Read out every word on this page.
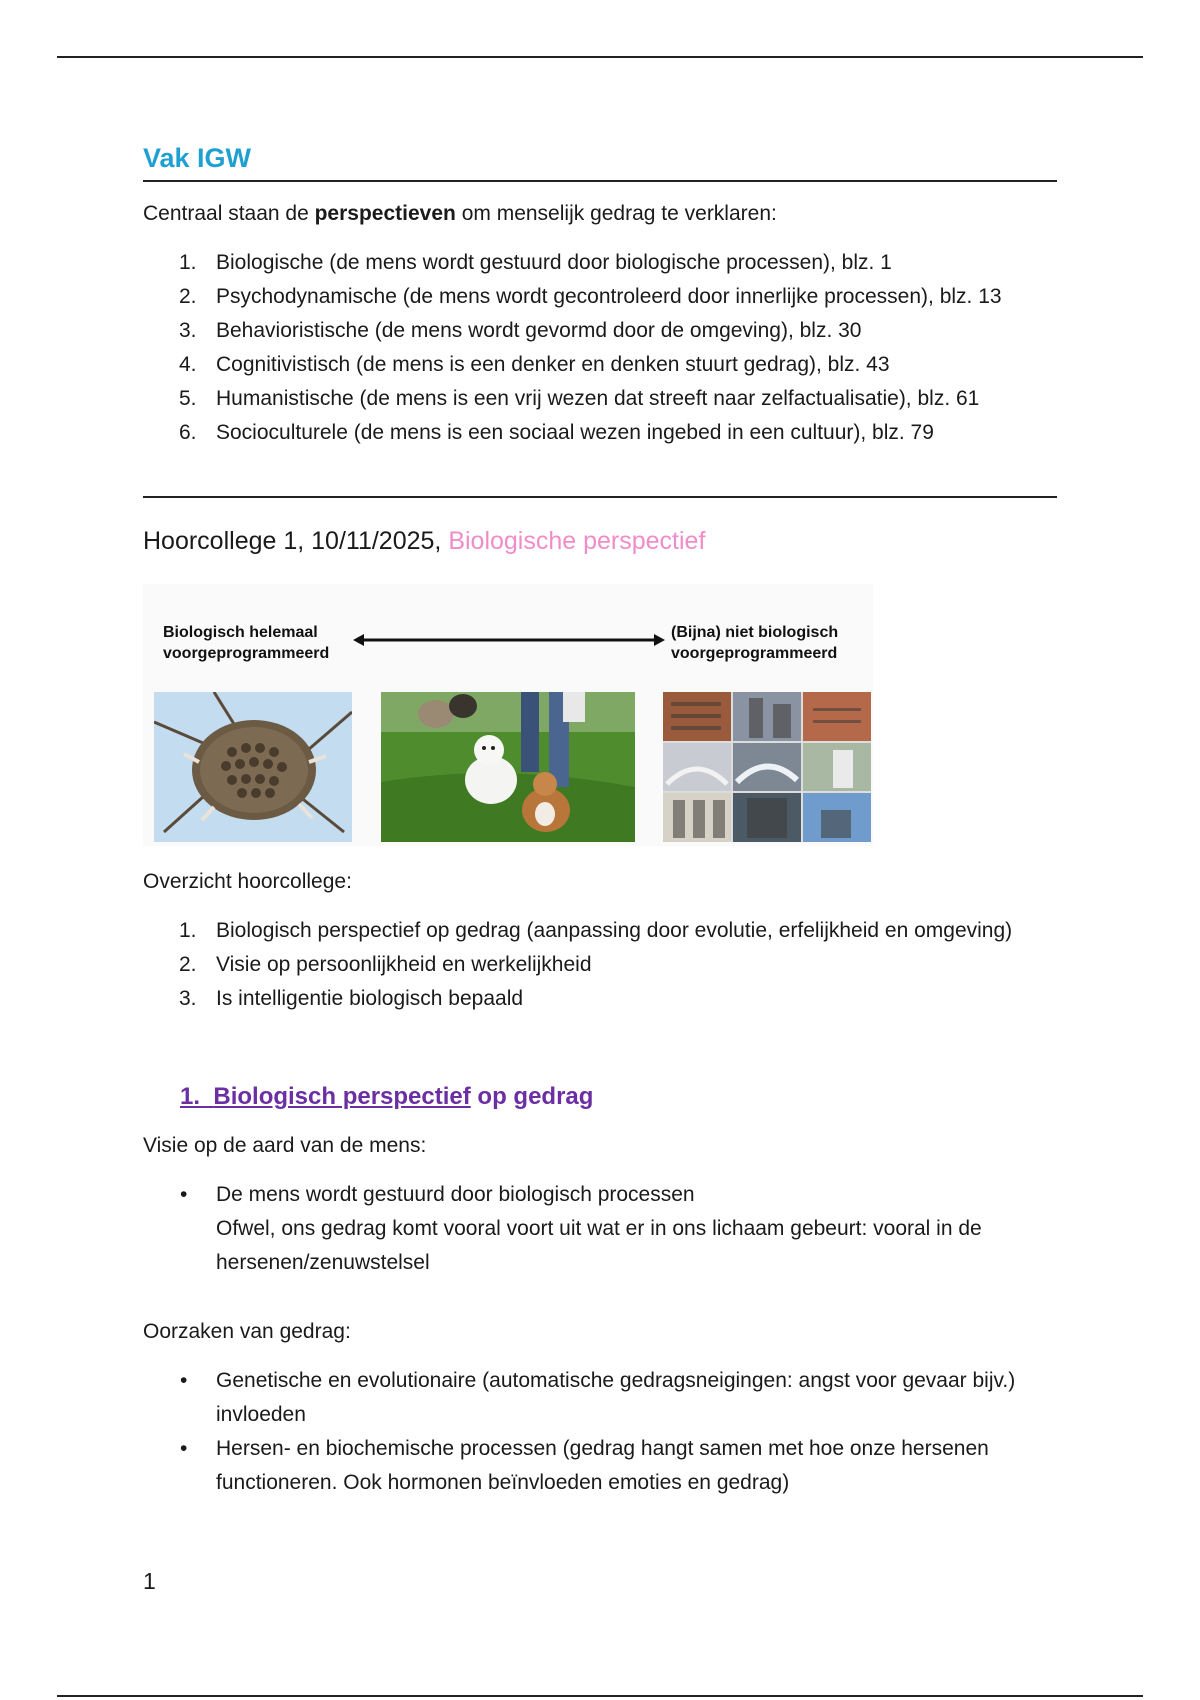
Vak IGW

Centraal staan de perspectieven om menselijk gedrag te verklaren:

1. Biologische (de mens wordt gestuurd door biologische processen), blz. 1
2. Psychodynamische (de mens wordt gecontroleerd door innerlijke processen), blz. 13
3. Behavioristische (de mens wordt gevormd door de omgeving), blz. 30
4. Cognitivistisch (de mens is een denker en denken stuurt gedrag), blz. 43
5. Humanistische (de mens is een vrij wezen dat streeft naar zelfactualisatie), blz. 61
6. Socioculturele (de mens is een sociaal wezen ingebed in een cultuur), blz. 79
Hoorcollege 1, 10/11/2025, Biologische perspectief
Biologisch helemaal
voorgeprogrammeerd
(Bijna) niet biologisch
voorgeprogrammeerd

Overzicht hoorcollege:

1. Biologisch perspectief op gedrag (aanpassing door evolutie, erfelijkheid en omgeving)
2. Visie op persoonlijkheid en werkelijkheid
3. Is intelligentie biologisch bepaald
1. Biologisch perspectief op gedrag

Visie op de aard van de mens:

• De mens wordt gestuurd door biologisch processen
Ofwel, ons gedrag komt vooral voort uit wat er in ons lichaam gebeurt: vooral in de hersenen/zenuwstelsel

Oorzaken van gedrag:

• Genetische en evolutionaire (automatische gedragsneigingen: angst voor gevaar bijv.) invloeden
• Hersen- en biochemische processen (gedrag hangt samen met hoe onze hersenen functioneren. Ook hormonen beïnvloeden emoties en gedrag)
1
